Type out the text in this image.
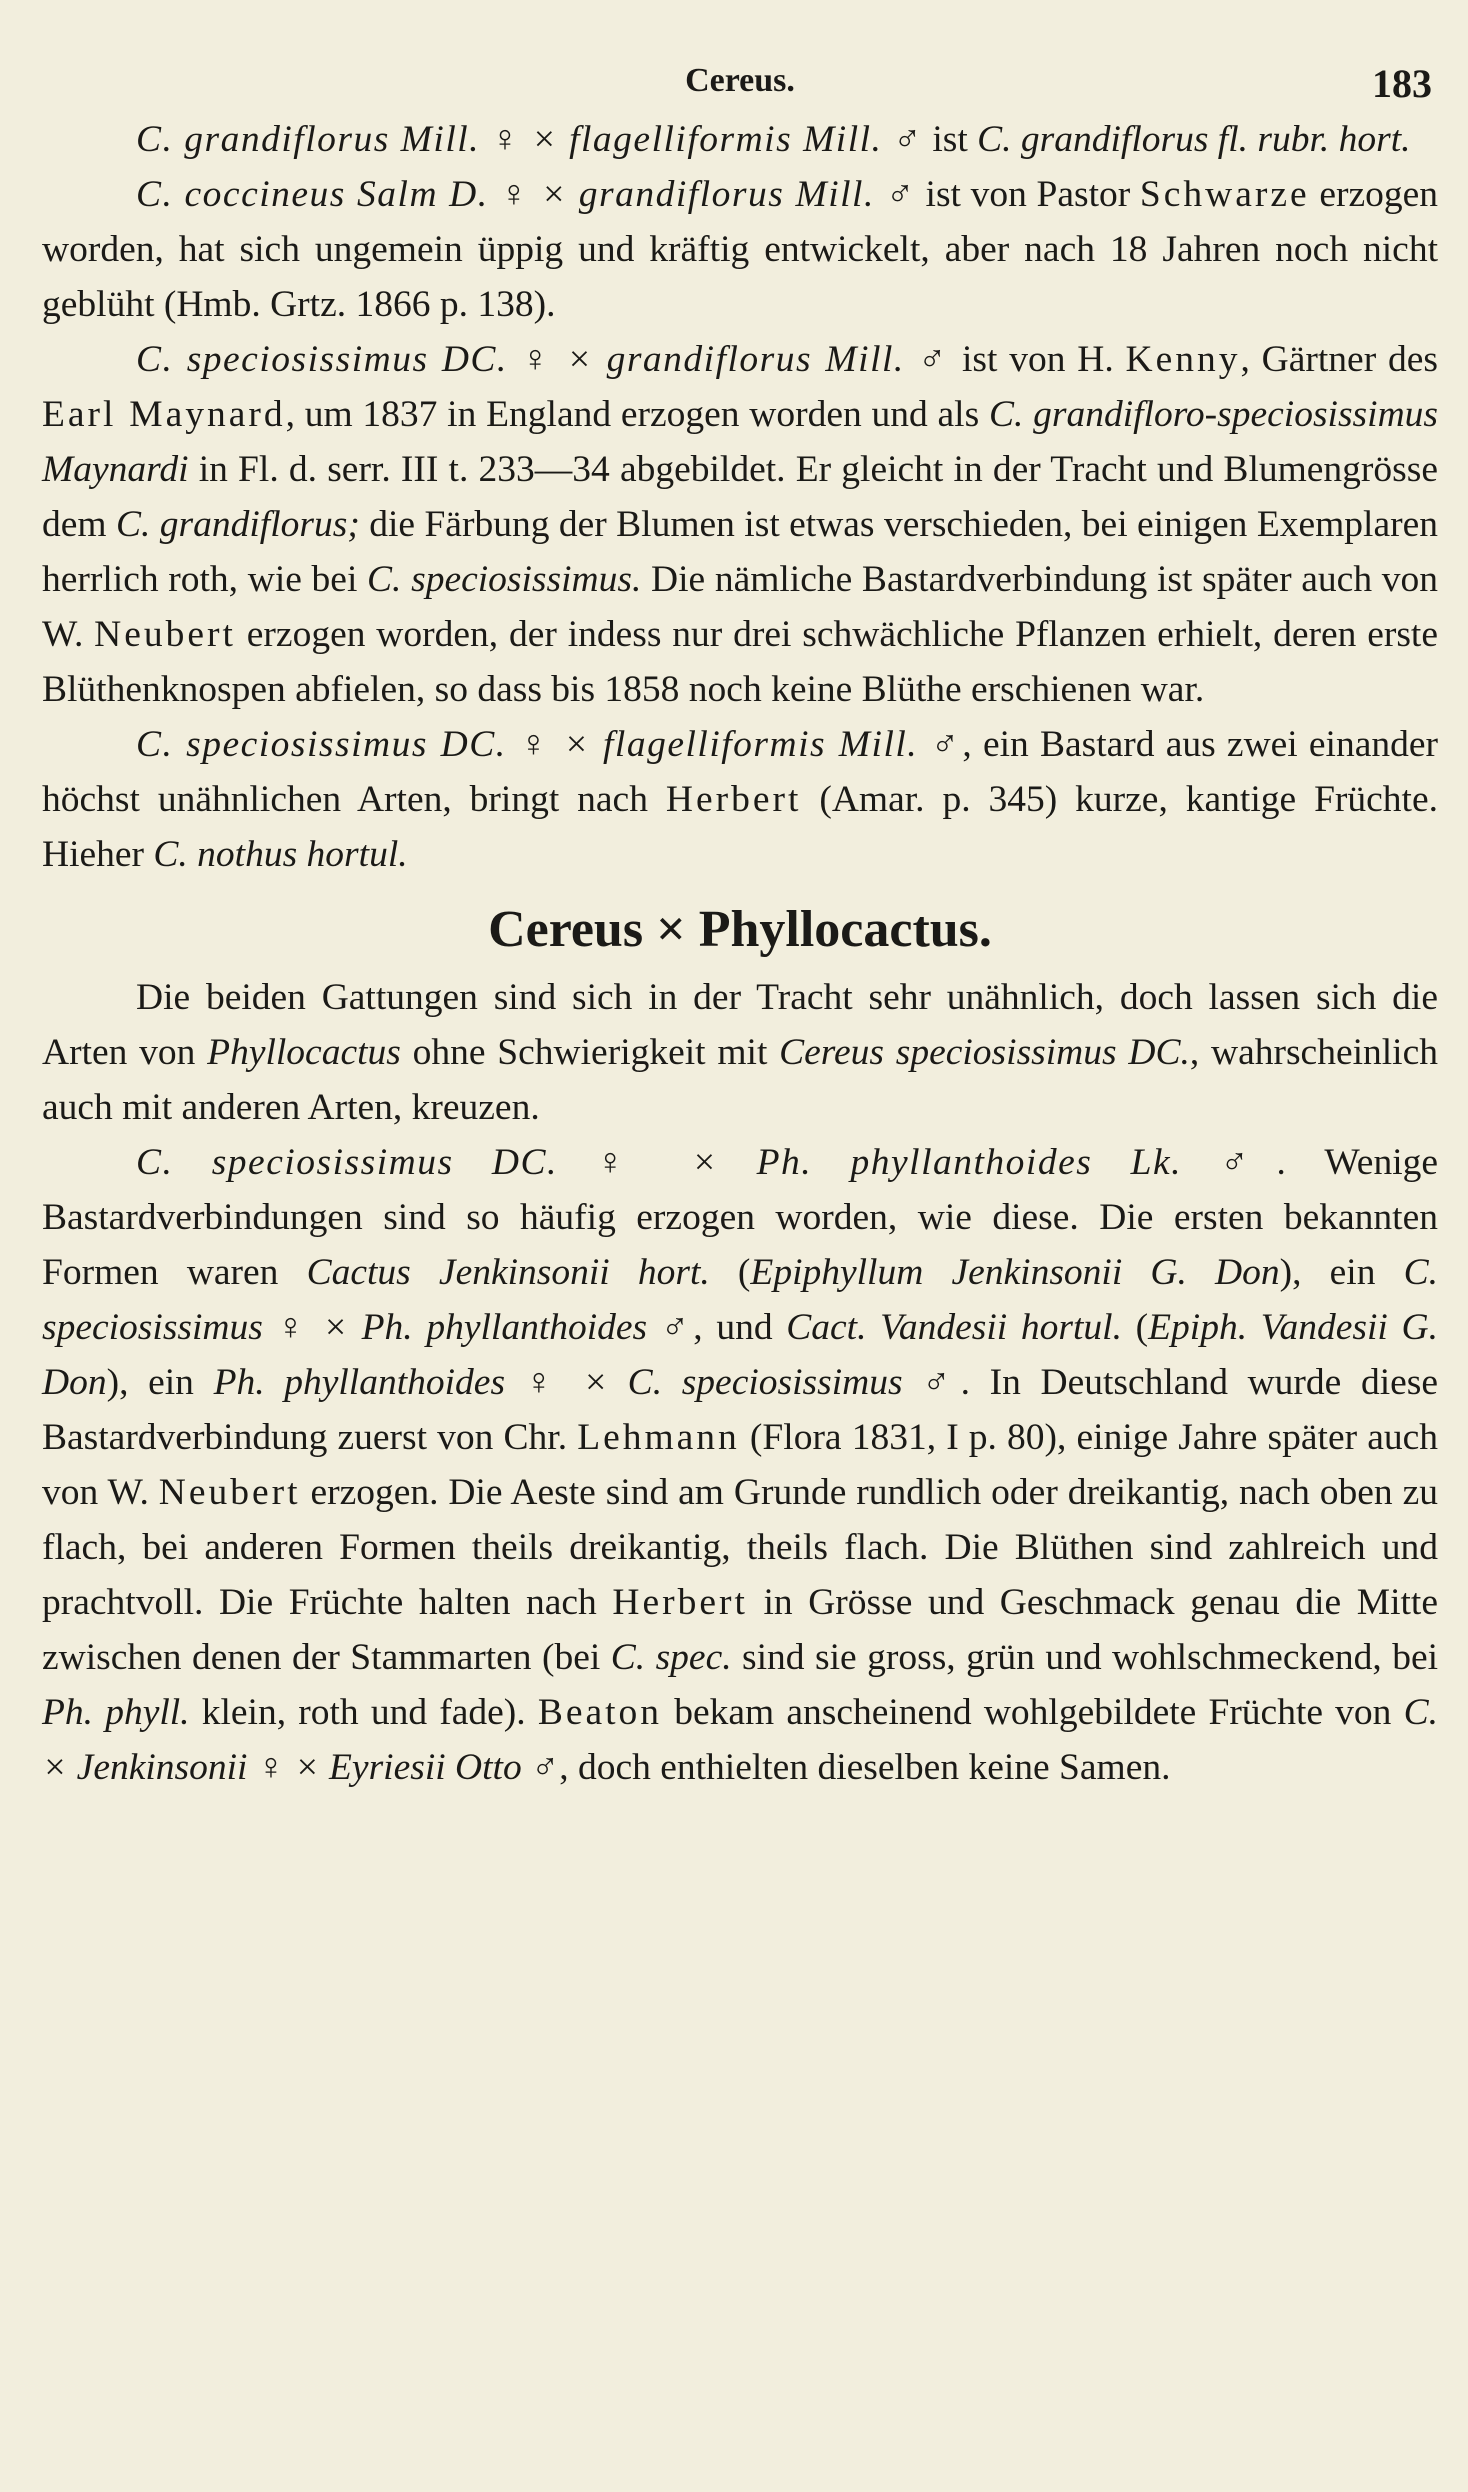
Cereus.	183

C. grandiflorus Mill. ♀ × flagelliformis Mill. ♂ ist C. grandiflorus fl. rubr. hort.

C. coccineus Salm D. ♀ × grandiflorus Mill. ♂ ist von Pastor Schwarze erzogen worden, hat sich ungemein üppig und kräftig entwickelt, aber nach 18 Jahren noch nicht geblüht (Hmb. Grtz. 1866 p. 138).

C. speciosissimus DC. ♀ × grandiflorus Mill. ♂ ist von H. Kenny, Gärtner des Earl Maynard, um 1837 in England erzogen worden und als C. grandifloro-speciosissimus Maynardi in Fl. d. serr. III t. 233—34 abgebildet. Er gleicht in der Tracht und Blumengrösse dem C. grandiflorus; die Färbung der Blumen ist etwas verschieden, bei einigen Exemplaren herrlich roth, wie bei C. speciosissimus. Die nämliche Bastardverbindung ist später auch von W. Neubert erzogen worden, der indess nur drei schwächliche Pflanzen erhielt, deren erste Blüthenknospen abfielen, so dass bis 1858 noch keine Blüthe erschienen war.

C. speciosissimus DC. ♀ × flagelliformis Mill. ♂, ein Bastard aus zwei einander höchst unähnlichen Arten, bringt nach Herbert (Amar. p. 345) kurze, kantige Früchte. Hieher C. nothus hortul.

Cereus × Phyllocactus.

Die beiden Gattungen sind sich in der Tracht sehr unähnlich, doch lassen sich die Arten von Phyllocactus ohne Schwierigkeit mit Cereus speciosissimus DC., wahrscheinlich auch mit anderen Arten, kreuzen.

C. speciosissimus DC. ♀ × Ph. phyllanthoides Lk. ♂. Wenige Bastardverbindungen sind so häufig erzogen worden, wie diese. Die ersten bekannten Formen waren Cactus Jenkinsonii hort. (Epiphyllum Jenkinsonii G. Don), ein C. speciosissimus ♀ × Ph. phyllanthoides ♂, und Cact. Vandesii hortul. (Epiph. Vandesii G. Don), ein Ph. phyllanthoides ♀ × C. speciosissimus ♂. In Deutschland wurde diese Bastardverbindung zuerst von Chr. Lehmann (Flora 1831, I p. 80), einige Jahre später auch von W. Neubert erzogen. Die Aeste sind am Grunde rundlich oder dreikantig, nach oben zu flach, bei anderen Formen theils dreikantig, theils flach. Die Blüthen sind zahlreich und prachtvoll. Die Früchte halten nach Herbert in Grösse und Geschmack genau die Mitte zwischen denen der Stammarten (bei C. spec. sind sie gross, grün und wohlschmeckend, bei Ph. phyll. klein, roth und fade). Beaton bekam anscheinend wohlgebildete Früchte von C. × Jenkinsonii ♀ × Eyriesii Otto ♂, doch enthielten dieselben keine Samen.
